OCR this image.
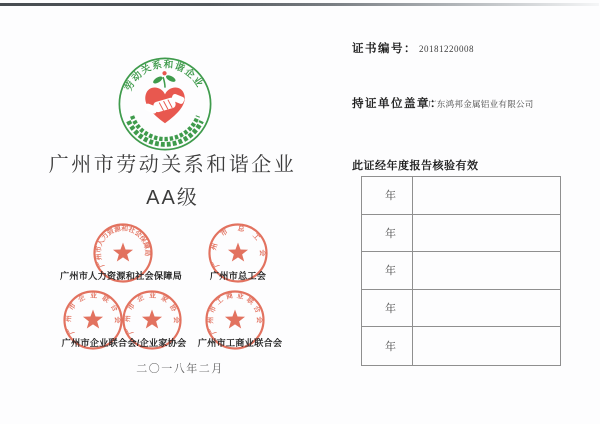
劳动关系和谐企业
广州市劳动关系和谐企业
AA级
广州市人力资源和社会保障局
广州市总工会
广州市企业联合会
广州市企业家协会
广州市工商业联合会
广州市人力资源和社会保障局	广州市总工会
广州市企业联合会/企业家协会 广州市工商业联合会
二〇一八年二月
证书编号： 20181220008
持证单位盖章：
广东鸿邦金属铝业有限公司
此证经年度报告核验有效
年
年
年
年
年
